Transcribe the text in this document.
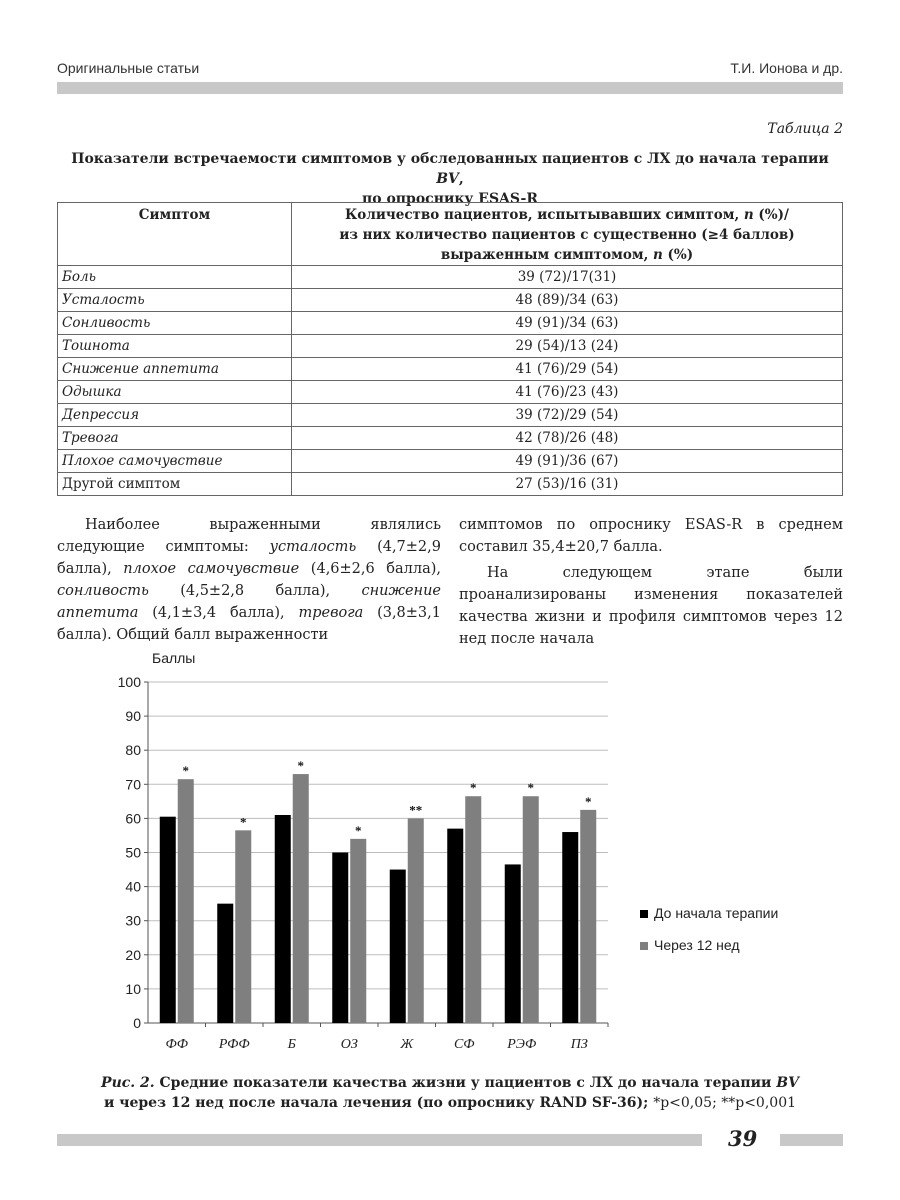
Оригинальные статьи	Т.И. Ионова и др.
Таблица 2
Показатели встречаемости симптомов у обследованных пациентов с ЛХ до начала терапии BV,
по опроснику ESAS-R
Симптом	Количество пациентов, испытывавших симптом, n (%)/
из них количество пациентов с существенно (≥4 баллов)
выраженным симптомом, n (%)
Боль	39 (72)/17(31)
Усталость	48 (89)/34 (63)
Сонливость	49 (91)/34 (63)
Тошнота	29 (54)/13 (24)
Снижение аппетита	41 (76)/29 (54)
Одышка	41 (76)/23 (43)
Депрессия	39 (72)/29 (54)
Тревога	42 (78)/26 (48)
Плохое самочувствие	49 (91)/36 (67)
Другой симптом	27 (53)/16 (31)

Наиболее выраженными являлись следующие симптомы: усталость (4,7±2,9 балла), плохое самочувствие (4,6±2,6 балла), сонливость (4,5±2,8 балла), снижение аппетита (4,1±3,4 балла), тревога (3,8±3,1 балла). Общий балл выраженности

симптомов по опроснику ESAS-R в среднем составил 35,4±20,7 балла.

На следующем этапе были проанализированы изменения показателей качества жизни и профиля симптомов через 12 нед после начала

Баллы
0
10
20
30
40
50
60
70
80
90
100
*
ФФ
*
РФФ
*
Б
*
ОЗ
**
Ж
*
СФ
*
РЭФ
*
ПЗ
До начала терапии
Через 12 нед
Рис. 2. Средние показатели качества жизни у пациентов с ЛХ до начала терапии BV
и через 12 нед после начала лечения (по опроснику RAND SF-36); *p<0,05; **p<0,001
39
